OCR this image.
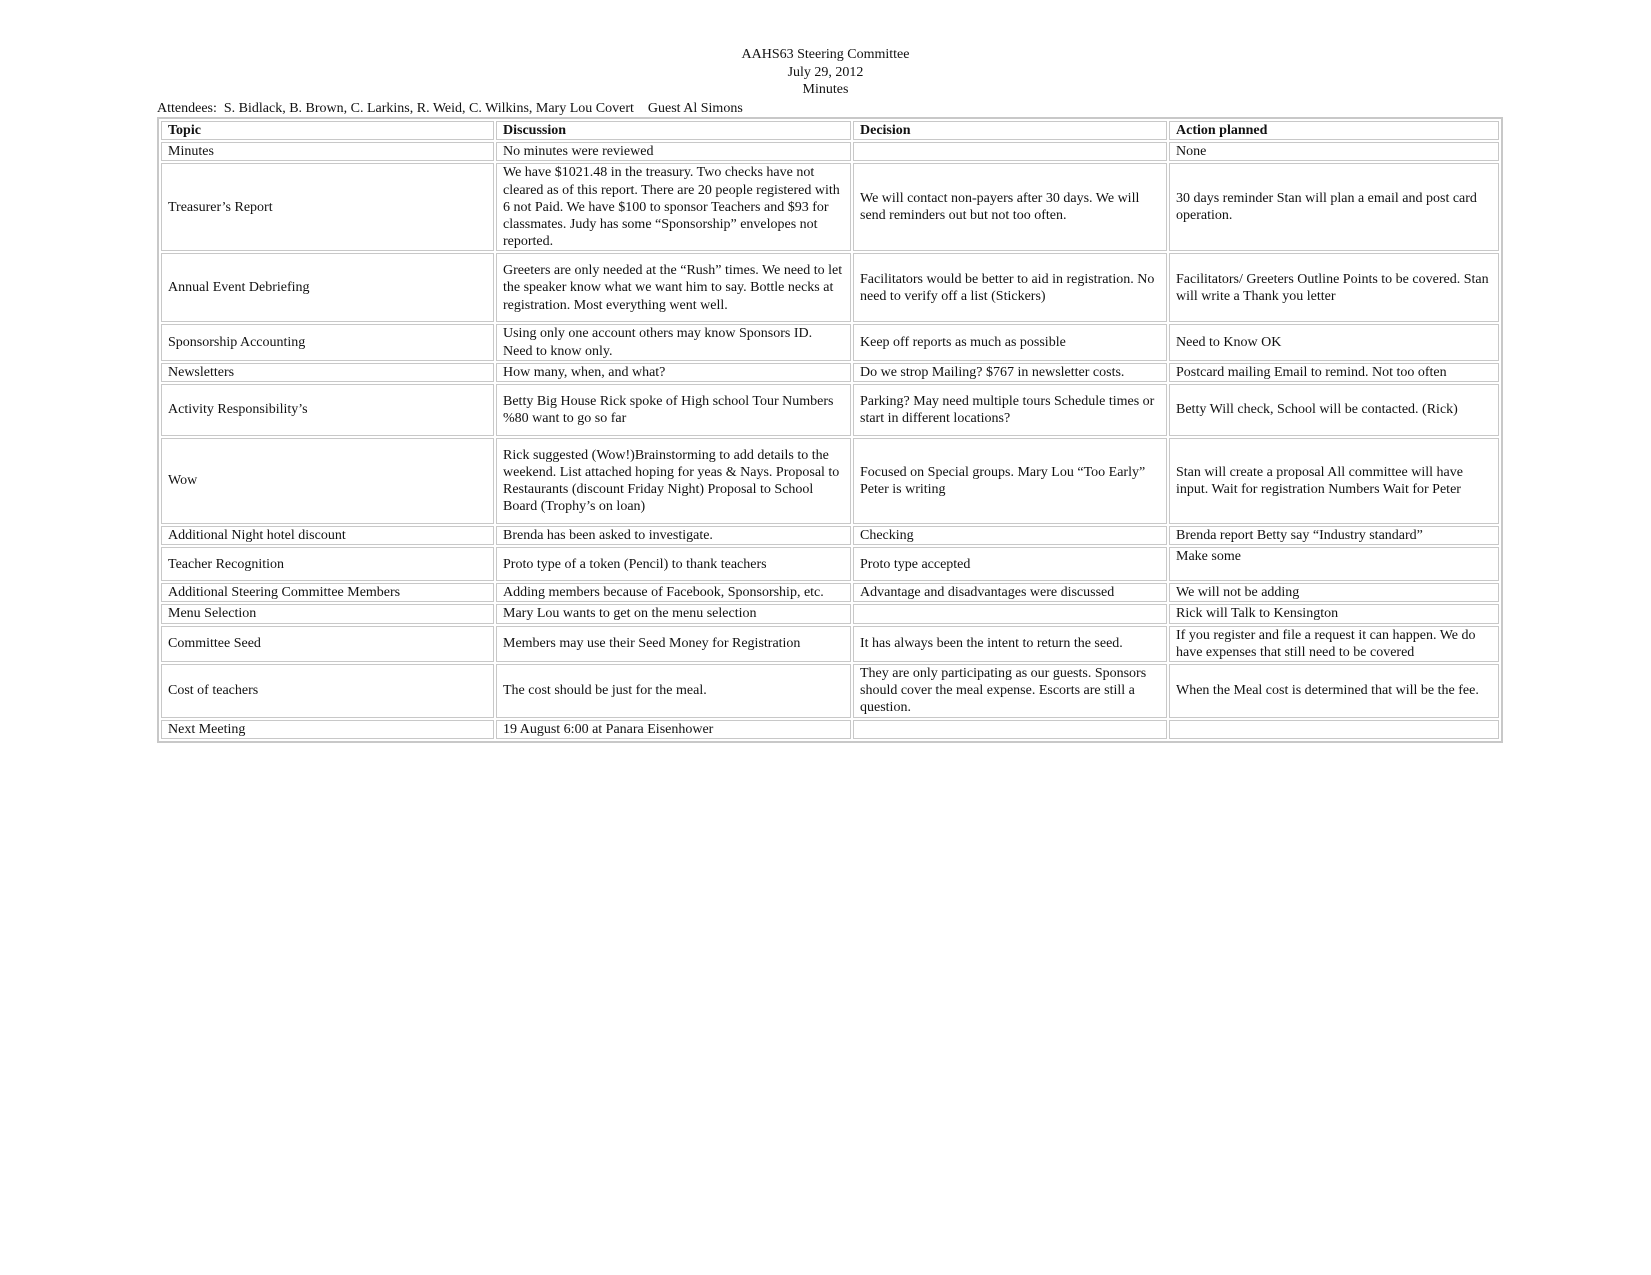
AAHS63 Steering Committee
July 29, 2012
Minutes
Attendees:  S. Bidlack, B. Brown, C. Larkins, R. Weid, C. Wilkins, Mary Lou Covert    Guest Al Simons
Topic	Discussion	Decision	Action planned
Minutes	No minutes were reviewed		None
Treasurer’s Report	We have $1021.48 in the treasury. Two checks have not cleared as of this report. There are 20 people registered with 6 not Paid. We have $100 to sponsor Teachers and $93 for classmates. Judy has some “Sponsorship” envelopes not reported.	We will contact non-payers after 30 days. We will send reminders out but not too often.	30 days reminder Stan will plan a email and post card operation.
Annual Event Debriefing	Greeters are only needed at the “Rush” times. We need to let the speaker know what we want him to say. Bottle necks at registration. Most everything went well.	Facilitators would be better to aid in registration. No need to verify off a list (Stickers)	Facilitators/ Greeters Outline Points to be covered. Stan will write a Thank you letter
Sponsorship Accounting	Using only one account others may know Sponsors ID. Need to know only.	Keep off reports as much as possible	Need to Know OK
Newsletters	How many, when, and what?	Do we strop Mailing? $767 in newsletter costs.	Postcard mailing Email to remind. Not too often
Activity Responsibility’s	Betty Big House Rick spoke of High school Tour Numbers %80 want to go so far	Parking? May need multiple tours Schedule times or start in different locations?	Betty Will check, School will be contacted. (Rick)
Wow	Rick suggested (Wow!)Brainstorming to add details to the weekend. List attached hoping for yeas & Nays. Proposal to Restaurants (discount Friday Night) Proposal to School Board (Trophy’s on loan)	Focused on Special groups. Mary Lou “Too Early” Peter is writing	Stan will create a proposal All committee will have input. Wait for registration Numbers Wait for Peter
Additional Night hotel discount	Brenda has been asked to investigate.	Checking	Brenda report Betty say “Industry standard”
Teacher Recognition	Proto type of a token (Pencil) to thank teachers	Proto type accepted	Make some
Additional Steering Committee Members	Adding members because of Facebook, Sponsorship, etc.	Advantage and disadvantages were discussed	We will not be adding
Menu Selection	Mary Lou wants to get on the menu selection		Rick will Talk to Kensington
Committee Seed	Members may use their Seed Money for Registration	It has always been the intent to return the seed.	If you register and file a request it can happen. We do have expenses that still need to be covered
Cost of teachers	The cost should be just for the meal.	They are only participating as our guests. Sponsors should cover the meal expense. Escorts are still a question.	When the Meal cost is determined that will be the fee.
Next Meeting	19 August 6:00 at Panara Eisenhower		
